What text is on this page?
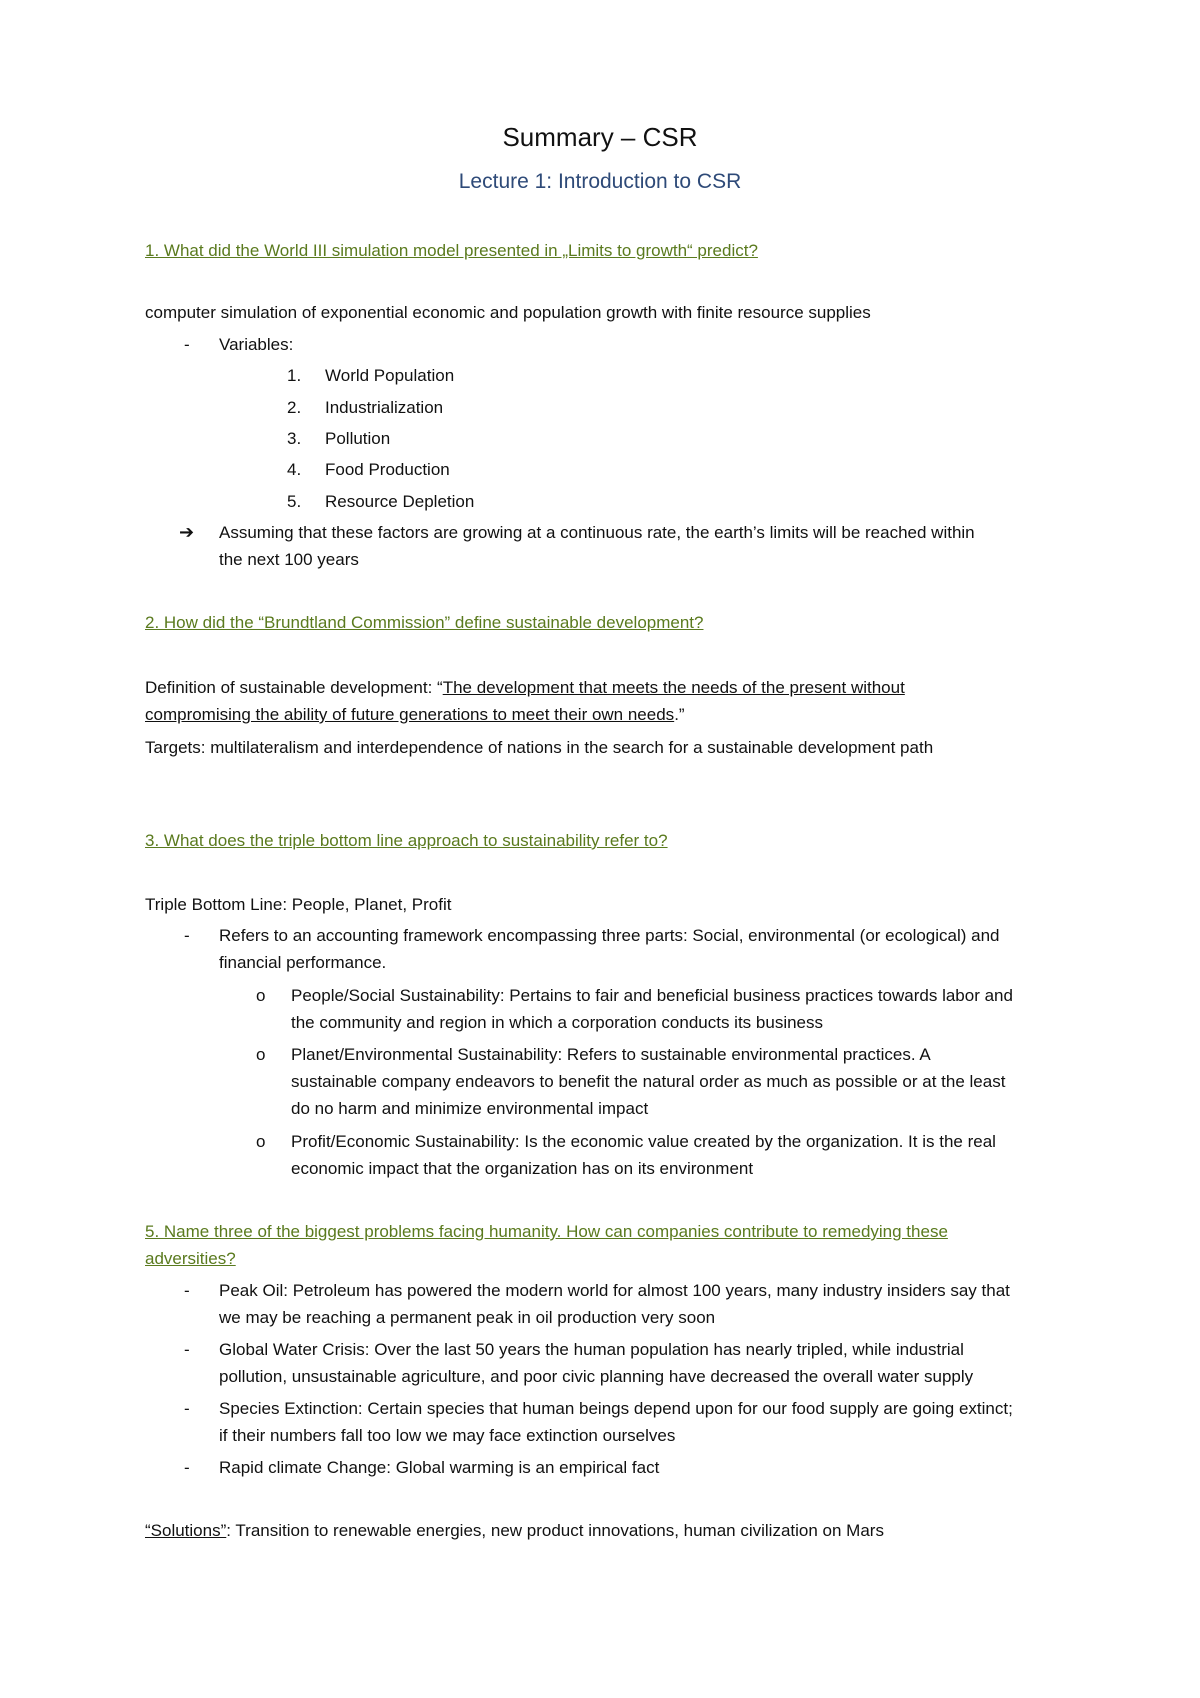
Summary – CSR
Lecture 1: Introduction to CSR
1. What did the World III simulation model presented in „Limits to growth“ predict?
computer simulation of exponential economic and population growth with finite resource supplies
- Variables:
1. World Population
2. Industrialization
3. Pollution
4. Food Production
5. Resource Depletion
➔ Assuming that these factors are growing at a continuous rate, the earth’s limits will be reached within
the next 100 years
2. How did the “Brundtland Commission” define sustainable development?
Definition of sustainable development: “The development that meets the needs of the present without
compromising the ability of future generations to meet their own needs.”
Targets: multilateralism and interdependence of nations in the search for a sustainable development path
3. What does the triple bottom line approach to sustainability refer to?
Triple Bottom Line: People, Planet, Profit
- Refers to an accounting framework encompassing three parts: Social, environmental (or ecological) and
financial performance.
o People/Social Sustainability: Pertains to fair and beneficial business practices towards labor and
the community and region in which a corporation conducts its business
o Planet/Environmental Sustainability: Refers to sustainable environmental practices. A
sustainable company endeavors to benefit the natural order as much as possible or at the least
do no harm and minimize environmental impact
o Profit/Economic Sustainability: Is the economic value created by the organization. It is the real
economic impact that the organization has on its environment
5. Name three of the biggest problems facing humanity. How can companies contribute to remedying these
adversities?
- Peak Oil: Petroleum has powered the modern world for almost 100 years, many industry insiders say that
we may be reaching a permanent peak in oil production very soon
- Global Water Crisis: Over the last 50 years the human population has nearly tripled, while industrial
pollution, unsustainable agriculture, and poor civic planning have decreased the overall water supply
- Species Extinction: Certain species that human beings depend upon for our food supply are going extinct;
if their numbers fall too low we may face extinction ourselves
- Rapid climate Change: Global warming is an empirical fact
“Solutions”: Transition to renewable energies, new product innovations, human civilization on Mars
